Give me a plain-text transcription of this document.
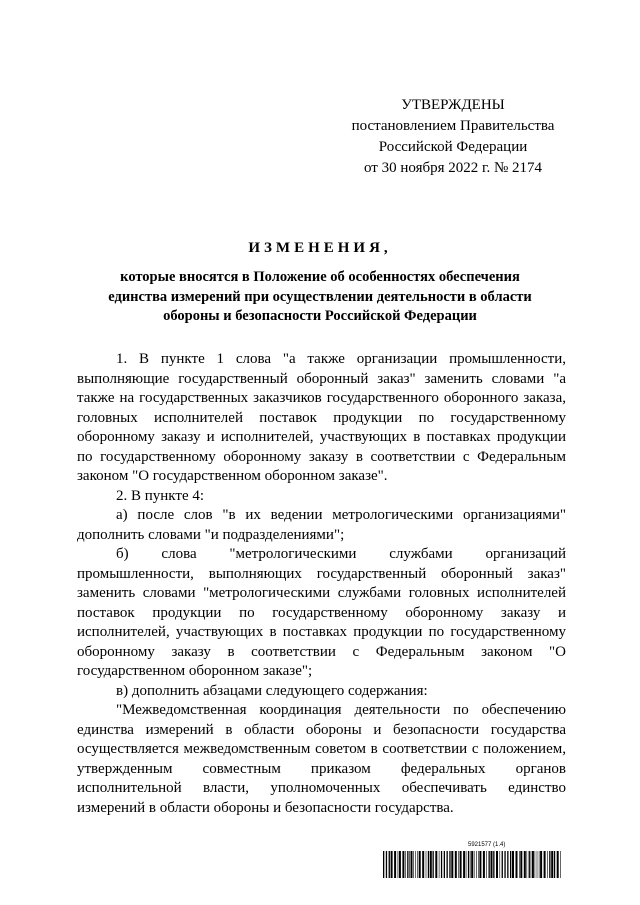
УТВЕРЖДЕНЫ
постановлением Правительства
Российской Федерации
от 30 ноября 2022 г. № 2174
ИЗМЕНЕНИЯ,
которые вносятся в Положение об особенностях обеспечения единства измерений при осуществлении деятельности в области обороны и безопасности Российской Федерации

1. В пункте 1 слова "а также организации промышленности, выполняющие государственный оборонный заказ" заменить словами "а также на государственных заказчиков государственного оборонного заказа, головных исполнителей поставок продукции по государственному оборонному заказу и исполнителей, участвующих в поставках продукции по государственному оборонному заказу в соответствии с Федеральным законом "О государственном оборонном заказе".

2. В пункте 4:

а) после слов "в их ведении метрологическими организациями" дополнить словами "и подразделениями";

б) слова "метрологическими службами организаций промышленности, выполняющих государственный оборонный заказ" заменить словами "метрологическими службами головных исполнителей поставок продукции по государственному оборонному заказу и исполнителей, участвующих в поставках продукции по государственному оборонному заказу в соответствии с Федеральным законом "О государственном оборонном заказе";

в) дополнить абзацами следующего содержания:

"Межведомственная координация деятельности по обеспечению единства измерений в области обороны и безопасности государства осуществляется межведомственным советом в соответствии с положением, утвержденным совместным приказом федеральных органов исполнительной власти, уполномоченных обеспечивать единство измерений в области обороны и безопасности государства.

5921577 (1.4)
